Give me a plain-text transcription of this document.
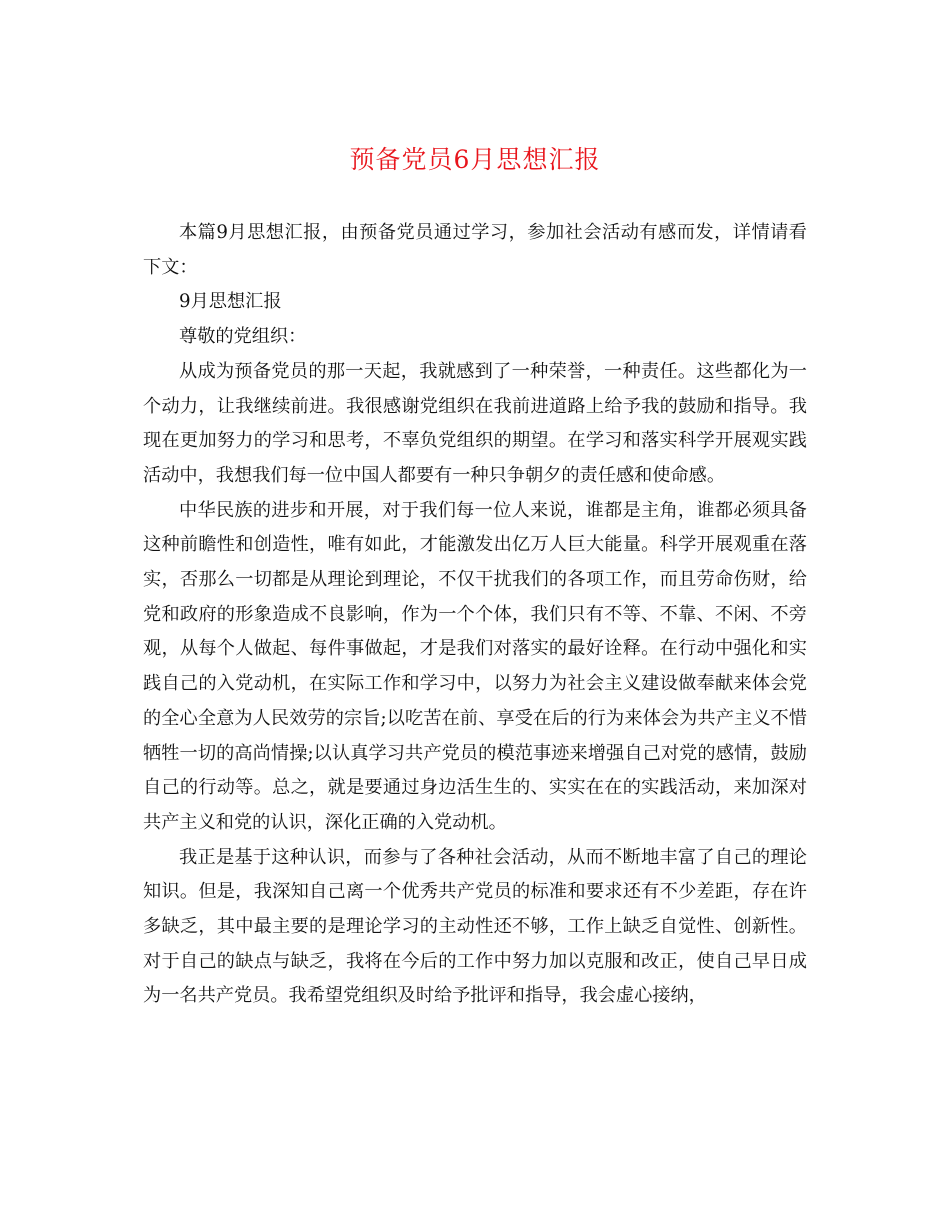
预备党员6月思想汇报

本篇9月思想汇报，由预备党员通过学习，参加社会活动有感而发，详情请看下文：

9月思想汇报

尊敬的党组织：

从成为预备党员的那一天起，我就感到了一种荣誉，一种责任。这些都化为一个动力，让我继续前进。我很感谢党组织在我前进道路上给予我的鼓励和指导。我现在更加努力的学习和思考，不辜负党组织的期望。在学习和落实科学开展观实践活动中，我想我们每一位中国人都要有一种只争朝夕的责任感和使命感。

中华民族的进步和开展，对于我们每一位人来说，谁都是主角，谁都必须具备这种前瞻性和创造性，唯有如此，才能激发出亿万人巨大能量。科学开展观重在落实，否那么一切都是从理论到理论，不仅干扰我们的各项工作，而且劳命伤财，给党和政府的形象造成不良影响，作为一个个体，我们只有不等、不靠、不闲、不旁观，从每个人做起、每件事做起，才是我们对落实的最好诠释。在行动中强化和实践自己的入党动机，在实际工作和学习中，以努力为社会主义建设做奉献来体会党的全心全意为人民效劳的宗旨;以吃苦在前、享受在后的行为来体会为共产主义不惜牺牲一切的高尚情操;以认真学习共产党员的模范事迹来增强自己对党的感情，鼓励自己的行动等。总之，就是要通过身边活生生的、实实在在的实践活动，来加深对共产主义和党的认识，深化正确的入党动机。

我正是基于这种认识，而参与了各种社会活动，从而不断地丰富了自己的理论知识。但是，我深知自己离一个优秀共产党员的标准和要求还有不少差距，存在许多缺乏，其中最主要的是理论学习的主动性还不够，工作上缺乏自觉性、创新性。对于自己的缺点与缺乏，我将在今后的工作中努力加以克服和改正，使自己早日成为一名共产党员。我希望党组织及时给予批评和指导，我会虚心接纳，
